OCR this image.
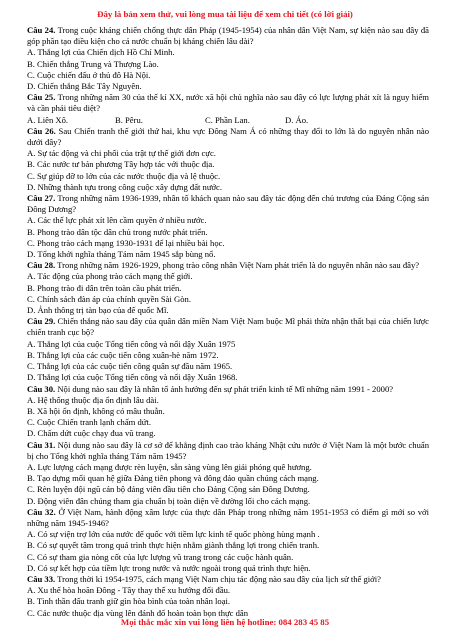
Đây là bản xem thử, vui lòng mua tài liệu để xem chi tiết (có lời giải)

Câu 24. Trong cuộc kháng chiến chống thực dân Pháp (1945-1954) của nhân dân Việt Nam, sự kiện nào sau đây đã góp phần tạo điều kiện cho cả nước chuẩn bị kháng chiến lâu dài?

A. Thắng lợi của Chiến dịch Hồ Chí Minh.

B. Chiến thắng Trung và Thượng Lào.

C. Cuộc chiến đấu ở thủ đô Hà Nội.

D. Chiến thắng Bắc Tây Nguyên.

Câu 25. Trong những năm 30 của thế kỉ XX, nước xã hội chủ nghĩa nào sau đây có lực lượng phát xít là nguy hiểm và cần phải tiêu diệt?

A. Liên Xô.	B. Pêru.	C. Phần Lan.	D. Áo.

Câu 26. Sau Chiến tranh thế giới thứ hai, khu vực Đông Nam Á có những thay đổi to lớn là do nguyên nhân nào dưới đây?

A. Sự tác động và chi phối của trật tự thế giới đơn cực.

B. Các nước tư bản phương Tây hợp tác với thuộc địa.

C. Sự giúp đỡ to lớn của các nước thuộc địa và lệ thuộc.

D. Những thành tựu trong công cuộc xây dựng đất nước.

Câu 27. Trong những năm 1936-1939, nhân tố khách quan nào sau đây tác động đến chủ trương của Đảng Cộng sản Đông Dương?

A. Các thế lực phát xít lên cầm quyền ở nhiều nước.

B. Phong trào dân tộc dân chủ trong nước phát triển.

C. Phong trào cách mạng 1930-1931 để lại nhiều bài học.

D. Tổng khởi nghĩa tháng Tám năm 1945 sắp bùng nổ.

Câu 28. Trong những năm 1926-1929, phong trào công nhân Việt Nam phát triển là do nguyên nhân nào sau đây?

A. Tác động của phong trào cách mạng thế giới.

B. Phong trào đi dân trên toàn cầu phát triển.

C. Chính sách đàn áp của chính quyền Sài Gòn.

D. Ảnh thông trị tàn bạo của đế quốc Mĩ.

Câu 29. Chiến thắng nào sau đây của quân dân miền Nam Việt Nam buộc Mĩ phải thừa nhận thất bại của chiến lược chiến tranh cục bộ?

A. Thắng lợi của cuộc Tổng tiến công và nổi dậy Xuân 1975

B. Thắng lợi của các cuộc tiến công xuân-hè năm 1972.

C. Thắng lợi của các cuộc tiến công quân sự đầu năm 1965.

D. Thắng lợi của cuộc Tổng tiến công và nổi dậy Xuân 1968.

Câu 30. Nội dung nào sau đây là nhân tố ảnh hưởng đến sự phát triển kinh tế Mĩ những năm 1991 - 2000?

A. Hệ thống thuộc địa ổn định lâu dài.

B. Xã hội ổn định, không có mâu thuẫn.

C. Cuộc Chiến tranh lạnh chấm dứt.

D. Chấm dứt cuộc chạy đua vũ trang.

Câu 31. Nội dung nào sau đây là cơ sở để khẳng định cao trào kháng Nhật cứu nước ở Việt Nam là một bước chuẩn bị cho Tổng khởi nghĩa tháng Tám năm 1945?

A. Lực lượng cách mạng được rèn luyện, sẵn sàng vùng lên giải phóng quê hương.

B. Tạo dựng mối quan hệ giữa Đảng tiên phong và đông đảo quần chúng cách mạng.

C. Rèn luyện đội ngũ cán bộ đảng viên đầu tiên cho Đảng Cộng sản Đông Dương.

D. Động viên đân chúng tham gia chuẩn bị toàn diện về đường lối cho cách mạng.

Câu 32. Ở Việt Nam, hành động xâm lược của thực dân Pháp trong những năm 1951-1953 có điểm gì mới so với những năm 1945-1946?

A. Có sự viện trợ lớn của nước đế quốc với tiềm lực kinh tế quốc phòng hùng mạnh .

B. Có sự quyết tâm trong quá trình thực hiện nhằm giành thắng lợi trong chiến tranh.

C. Có sự tham gia nòng cốt của lực lượng vũ trang trong các cuộc hành quân.

D. Có sự kết hợp của tiềm lực trong nước và nước ngoài trong quá trình thực hiện.

Câu 33. Trong thời kì 1954-1975, cách mạng Việt Nam chịu tác động nào sau đây của lịch sử thế giới?

A. Xu thế hòa hoãn Đông - Tây thay thế xu hướng đối đầu.

B. Tình thần đấu tranh giữ gìn hòa bình của toàn nhân loại.

C. Các nước thuộc địa vùng lên đánh đổ hoàn toàn bọn thực dân

Mọi thắc mắc xin vui lòng liên hệ hotline: 084 283 45 85
